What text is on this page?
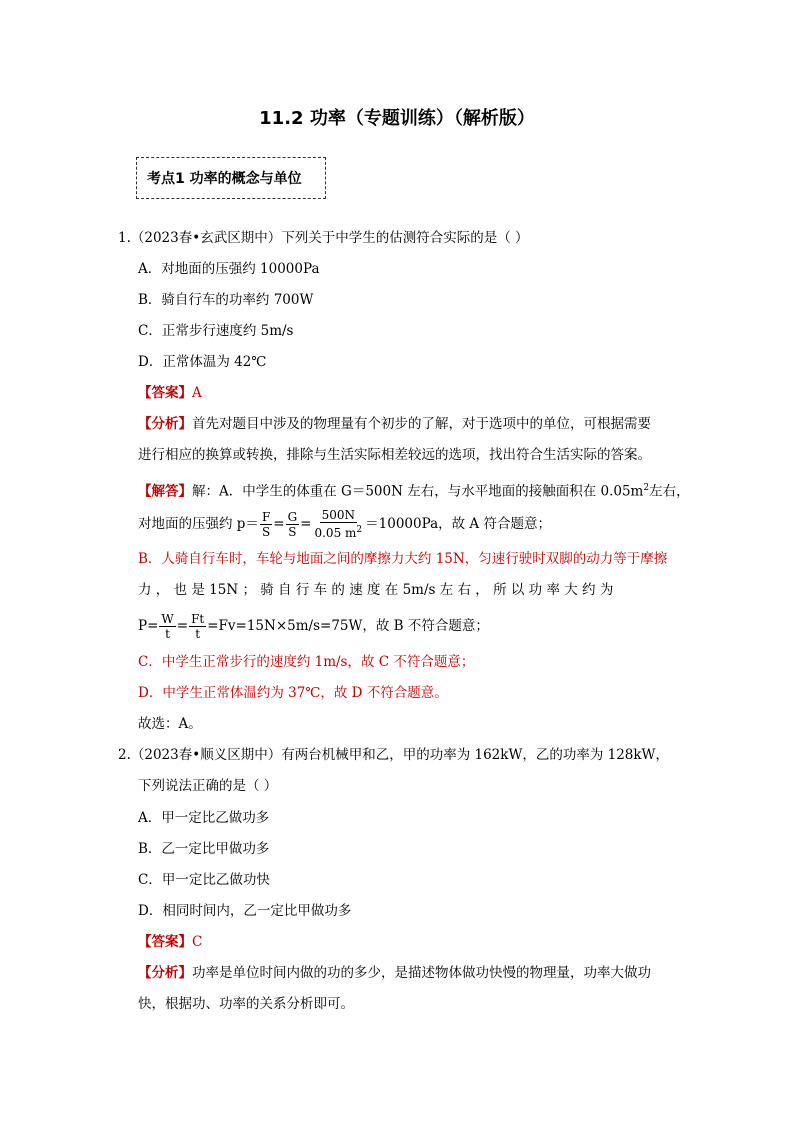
11.2 功率（专题训练）（解析版）
考点1 功率的概念与单位
1.（2023春•玄武区期中）下列关于中学生的估测符合实际的是（ ）
A．对地面的压强约 10000Pa
B．骑自行车的功率约 700W
C．正常步行速度约 5m/s
D．正常体温为 42℃
【答案】A
【分析】首先对题目中涉及的物理量有个初步的了解，对于选项中的单位，可根据需要
进行相应的换算或转换，排除与生活实际相差较远的选项，找出符合生活实际的答案。
【解答】解：A．中学生的体重在 G＝500N 左右，与水平地面的接触面积在 $0.05m^2$左右，
对地面的压强约 $p= \frac{F}{S} = \frac{G}{S} = \frac{500N}{0.05 m^2} =10000Pa$，故 A 符合题意；
B．人骑自行车时，车轮与地面之间的摩擦力大约 15N，匀速行驶时双脚的动力等于摩擦
力 ， 也 是 15N ； 骑 自 行 车 的 速 度 在 5m/s 左 右 ， 所 以 功 率 大 约 为
$P= \frac{W}{t} = \frac{Ft}{t} =Fv=15N\times 5m/s=75W$，故 B 不符合题意；
C．中学生正常步行的速度约 1m/s，故 C 不符合题意；
D．中学生正常体温约为 37℃，故 D 不符合题意。
故选：A。
2.（2023春•顺义区期中）有两台机械甲和乙，甲的功率为 162kW，乙的功率为 128kW，
下列说法正确的是（ ）
A．甲一定比乙做功多
B．乙一定比甲做功多
C．甲一定比乙做功快
D．相同时间内，乙一定比甲做功多
【答案】C
【分析】功率是单位时间内做的功的多少，是描述物体做功快慢的物理量，功率大做功
快，根据功、功率的关系分析即可。
